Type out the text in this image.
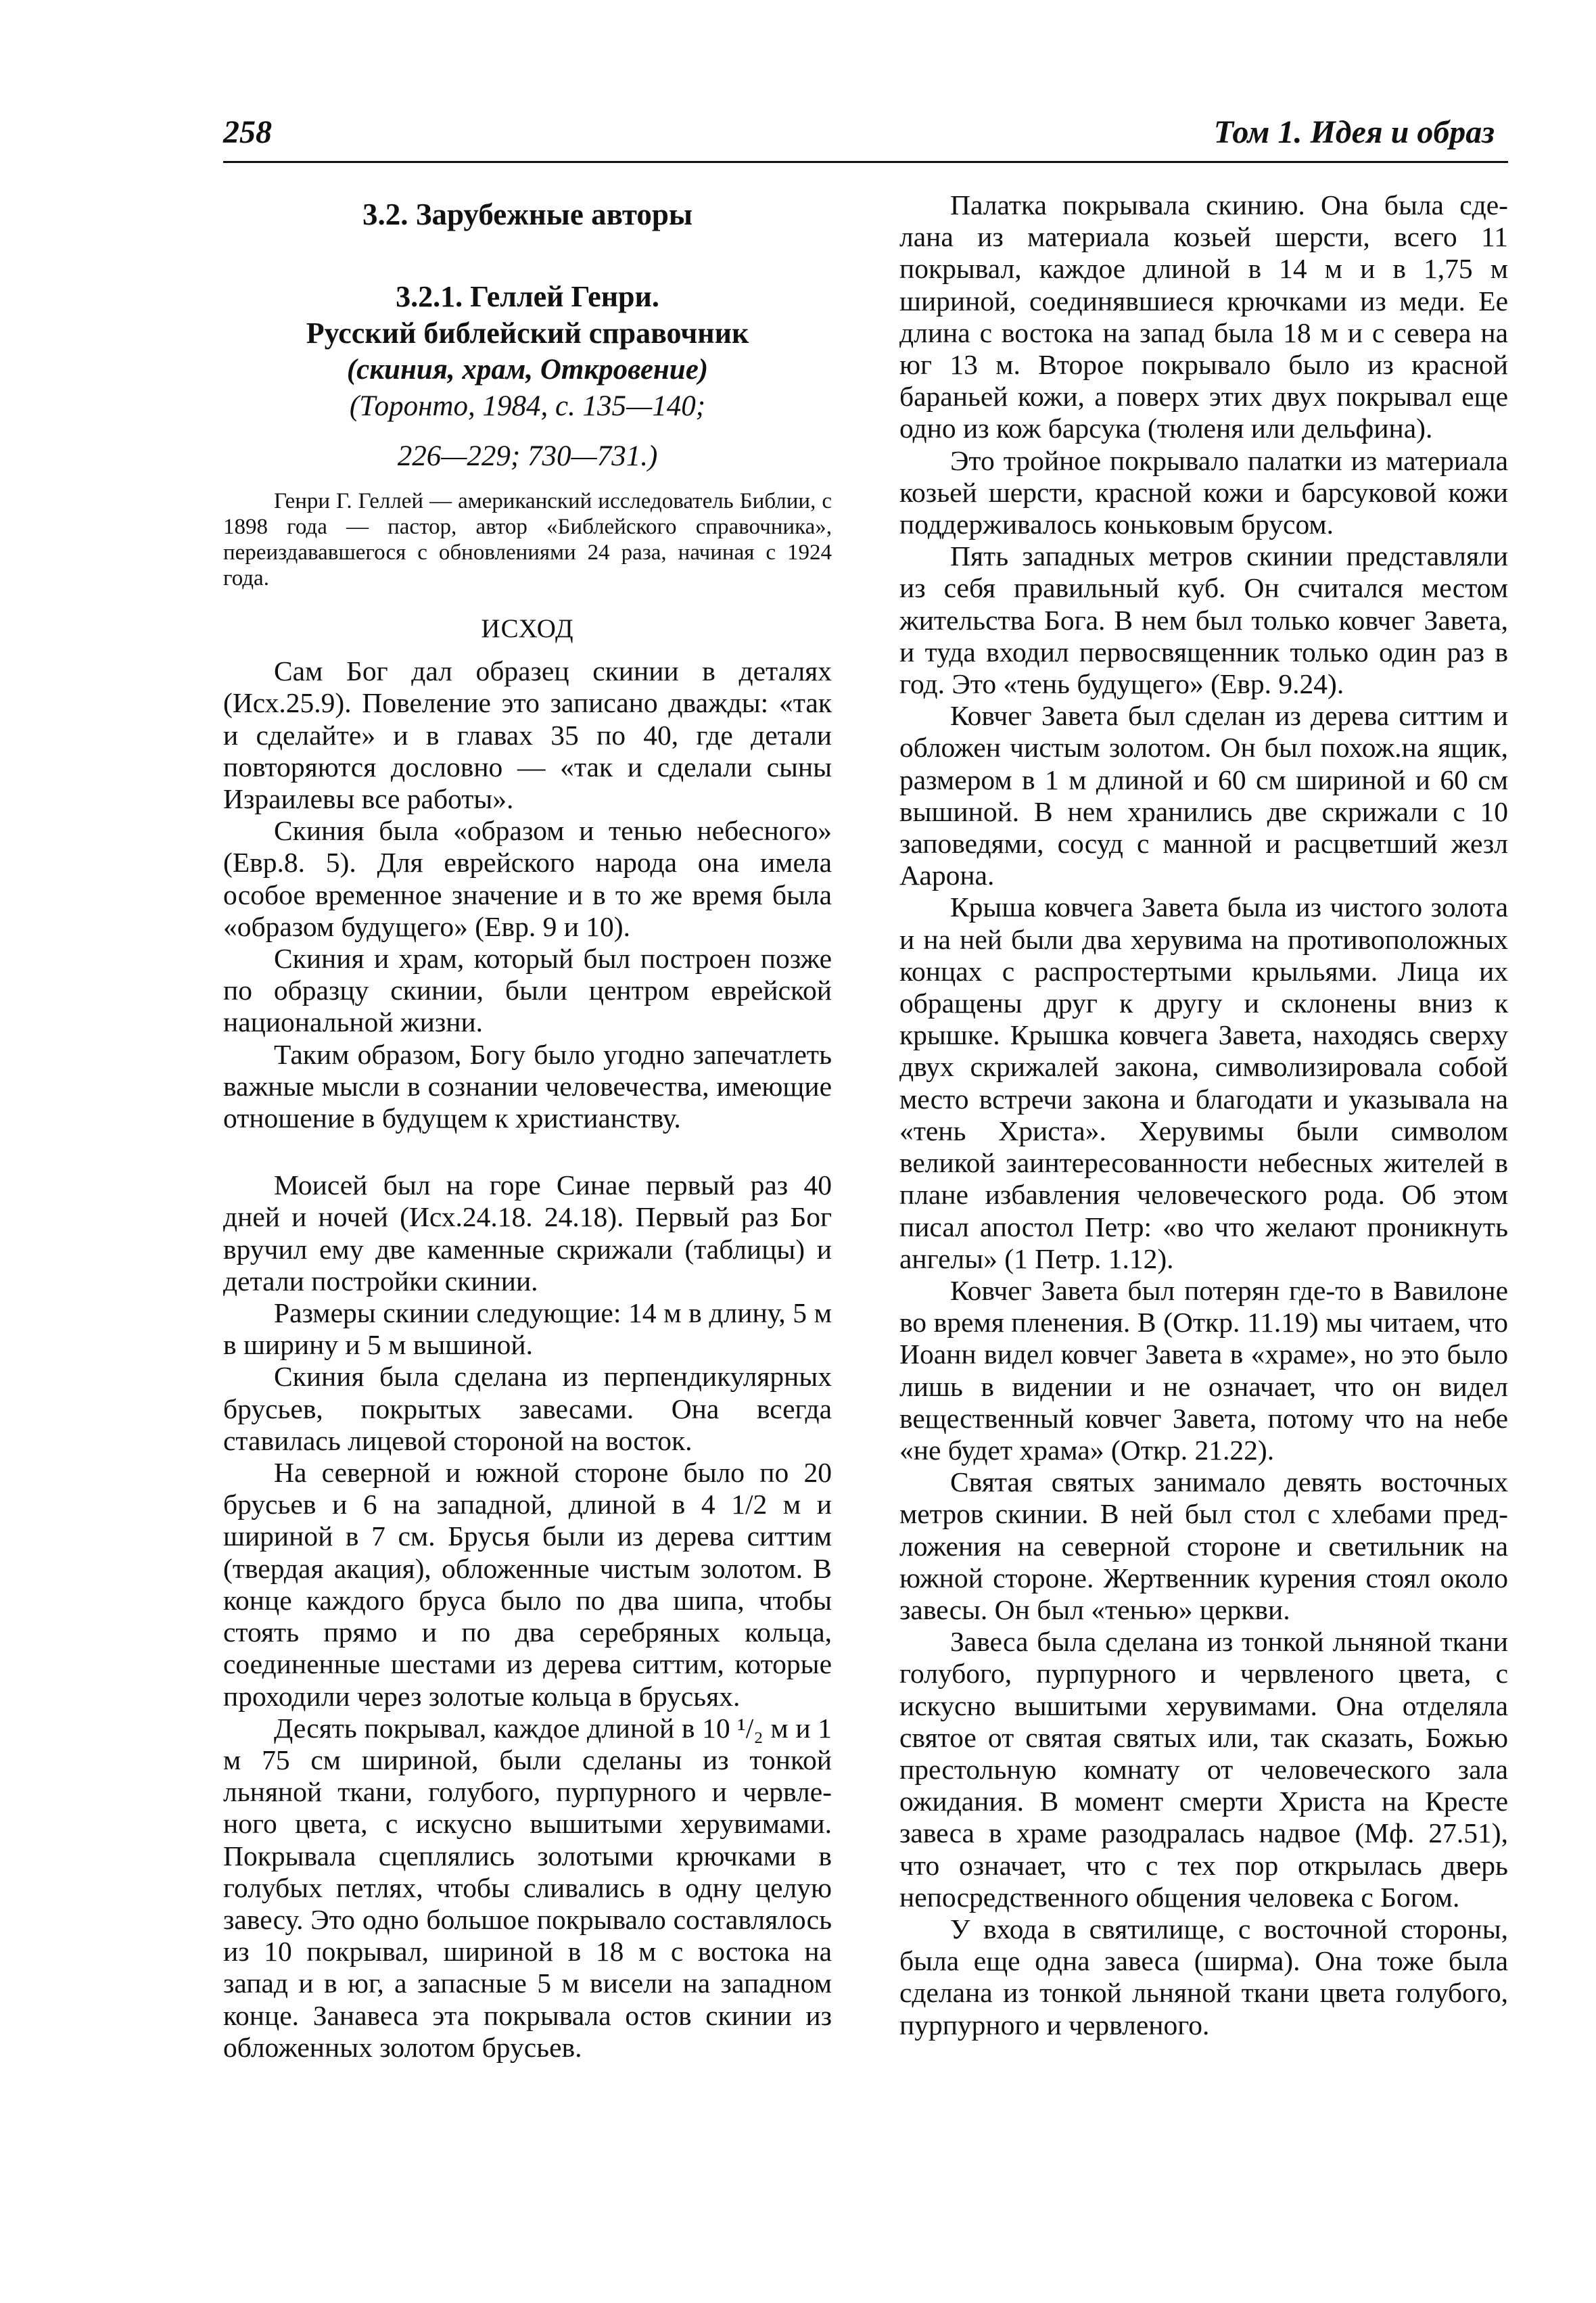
258	Том 1. Идея и образ
3.2. Зарубежные авторы
3.2.1. Геллей Генри.
Русский библейский справочник
(скиния, храм, Откровение)
(Торонто, 1984, с. 135—140;
226—229; 730—731.)

Генри Г. Геллей — американский исследователь Библии, с 1898 года — пастор, автор «Библейского справочника», переиздававшегося с обновлениями 24 раза, начиная с 1924 года.

ИСХОД

Сам Бог дал образец скинии в деталях (Исх.25.9). Повеление это записано дважды: «так и сделайте» и в главах 35 по 40, где детали повторяются дословно — «так и сделали сыны Израилевы все работы».

Скиния была «образом и тенью небесного» (Евр.8. 5). Для еврейского народа она имела особое временное значение и в то же время была «образом будущего» (Евр. 9 и 10).

Скиния и храм, который был построен позже по образцу скинии, были центром еврейской национальной жизни.

Таким образом, Богу было угодно запечатлеть важные мысли в сознании человечества, имеющие отношение в будущем к христианству.

Моисей был на горе Синае первый раз 40 дней и ночей (Исх.24.18. 24.18). Первый раз Бог вручил ему две каменные скрижали (таблицы) и детали постройки скинии.

Размеры скинии следующие: 14 м в длину, 5 м в ширину и 5 м вышиной.

Скиния была сделана из перпендикулярных брусьев, покрытых завесами. Она всегда ставилась лицевой стороной на восток.

На северной и южной стороне было по 20 брусьев и 6 на западной, длиной в 4 1/2 м и шириной в 7 см. Брусья были из дерева ситтим (твердая акация), обложенные чистым золотом. В конце каждого бруса было по два шипа, чтобы стоять прямо и по два серебряных кольца, соединенные шестами из дерева ситтим, которые проходили через золотые кольца в брусьях.

Десять покрывал, каждое длиной в 10 ¹/₂ м и 1 м 75 см шириной, были сделаны из тонкой льняной ткани, голубого, пурпурного и червленого цвета, с искусно вышитыми херувимами. Покрывала сцеплялись золотыми крючками в голубых петлях, чтобы сливались в одну целую завесу. Это одно большое покрывало составлялось из 10 покрывал, шириной в 18 м с востока на запад и в юг, а запасные 5 м висели на западном конце. Занавеса эта покрывала остов скинии из обложенных золотом брусьев.

Палатка покрывала скинию. Она была сделана из материала козьей шерсти, всего 11 покрывал, каждое длиной в 14 м и в 1,75 м шириной, соединявшиеся крючками из меди. Ее длина с востока на запад была 18 м и с севера на юг 13 м. Второе покрывало было из красной бараньей кожи, а поверх этих двух покрывал еще одно из кож барсука (тюленя или дельфина).

Это тройное покрывало палатки из материала козьей шерсти, красной кожи и барсуковой кожи поддерживалось коньковым брусом.

Пять западных метров скинии представляли из себя правильный куб. Он считался местом жительства Бога. В нем был только ковчег Завета, и туда входил первосвященник только один раз в год. Это «тень будущего» (Евр. 9.24).

Ковчег Завета был сделан из дерева ситтим и обложен чистым золотом. Он был похож.на ящик, размером в 1 м длиной и 60 см шириной и 60 см вышиной. В нем хранились две скрижали с 10 заповедями, сосуд с манной и расцветший жезл Аарона.

Крыша ковчега Завета была из чистого золота и на ней были два херувима на противоположных концах с распростертыми крыльями. Лица их обращены друг к другу и склонены вниз к крышке. Крышка ковчега Завета, находясь сверху двух скрижалей закона, символизировала собой место встречи закона и благодати и указывала на «тень Христа». Херувимы были символом великой заинтересованности небесных жителей в плане избавления человеческого рода. Об этом писал апостол Петр: «во что желают проникнуть ангелы» (1 Петр. 1.12).

Ковчег Завета был потерян где-то в Вавилоне во время пленения. В (Откр. 11.19) мы читаем, что Иоанн видел ковчег Завета в «храме», но это было лишь в видении и не означает, что он видел вещественный ковчег Завета, потому что на небе «не будет храма» (Откр. 21.22).

Святая святых занимало девять восточных метров скинии. В ней был стол с хлебами предложения на северной стороне и светильник на южной стороне. Жертвенник курения стоял около завесы. Он был «тенью» церкви.

Завеса была сделана из тонкой льняной ткани голубого, пурпурного и червленого цвета, с искусно вышитыми херувимами. Она отделяла святое от святая святых или, так сказать, Божью престольную комнату от человеческого зала ожидания. В момент смерти Христа на Кресте завеса в храме разодралась надвое (Мф. 27.51), что означает, что с тех пор открылась дверь непосредственного общения человека с Богом.

У входа в святилище, с восточной стороны, была еще одна завеса (ширма). Она тоже была сделана из тонкой льняной ткани цвета голубого, пурпурного и червленого.
